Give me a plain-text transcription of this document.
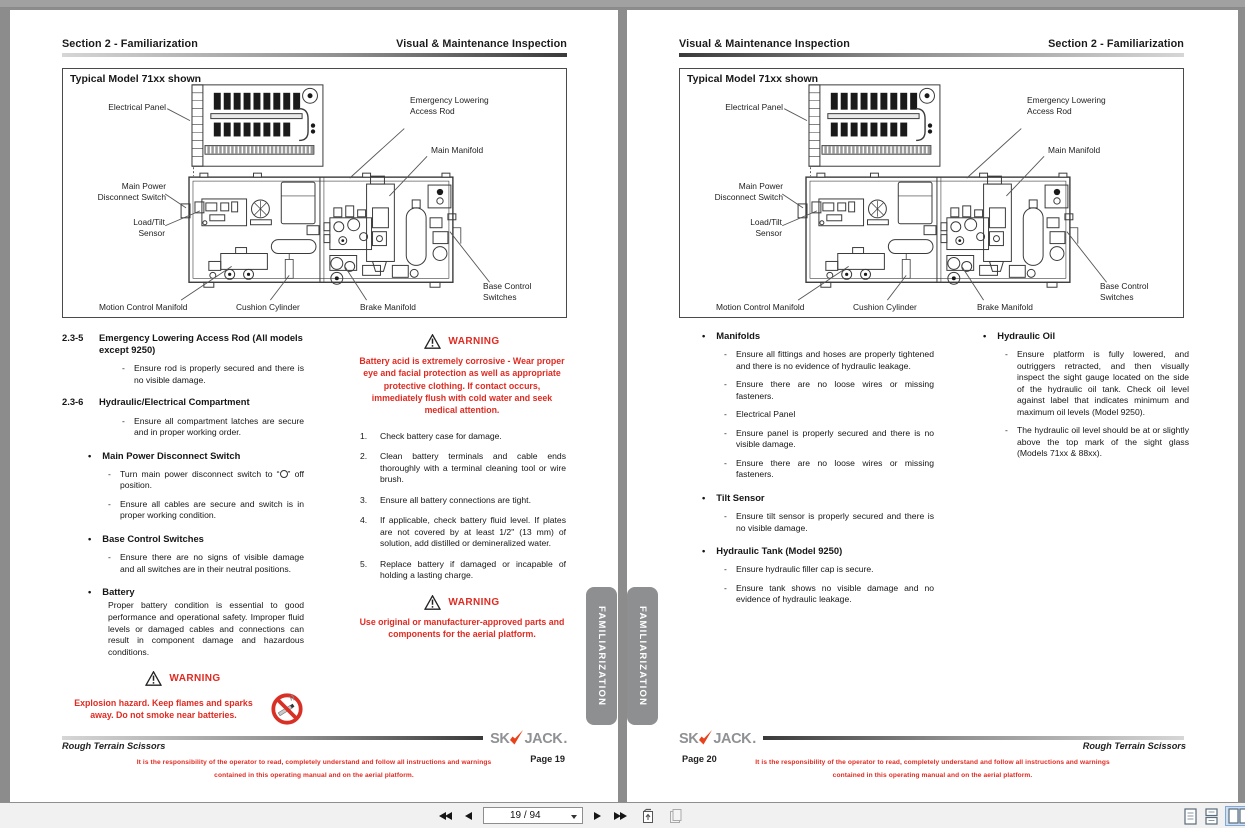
Section 2 - Familiarization	Visual & Maintenance Inspection
Typical Model 71xx shown
Electrical Panel
Emergency Lowering
Access Rod
Main Manifold
Main Power
Disconnect Switch
Load/Tilt
Sensor
Motion Control Manifold	Cushion Cylinder	Brake Manifold
Base Control
Switches
2.3-5	Emergency Lowering Access Rod (All models except 9250)
-	Ensure rod is properly secured and there is no visible damage.
2.3-6	Hydraulic/Electrical Compartment
-	Ensure all compartment latches are secure and in proper working order.
• Main Power Disconnect Switch
-	Turn main power disconnect switch to “ ” off position.
-	Ensure all cables are secure and switch is in proper working condition.
• Base Control Switches
-	Ensure there are no signs of visible damage and all switches are in their neutral positions.
• Battery
Proper battery condition is essential to good performance and operational safety. Improper fluid levels or damaged cables and connections can result in component damage and hazardous conditions.
WARNING
Explosion hazard. Keep flames and sparks away. Do not smoke near batteries.
WARNING
Battery acid is extremely corrosive - Wear proper eye and facial protection as well as appropriate protective clothing. If contact occurs, immediately flush with cold water and seek medical attention.
1.	Check battery case for damage.
2.	Clean battery terminals and cable ends thoroughly with a terminal cleaning tool or wire brush.
3.	Ensure all battery connections are tight.
4.	If applicable, check battery fluid level. If plates are not covered by at least 1/2" (13 mm) of solution, add distilled or demineralized water.
5.	Replace battery if damaged or incapable of holding a lasting charge.
WARNING
Use original or manufacturer-approved parts and components for the aerial platform.
SK JACK .
Rough Terrain Scissors
Page 19
It is the responsibility of the operator to read, completely understand and follow all instructions and warnings
contained in this operating manual and on the aerial platform.
Visual & Maintenance Inspection	Section 2 - Familiarization
Typical Model 71xx shown
Electrical Panel
Emergency Lowering
Access Rod
Main Manifold
Main Power
Disconnect Switch
Load/Tilt
Sensor
Motion Control Manifold	Cushion Cylinder	Brake Manifold
Base Control
Switches
• Manifolds
-	Ensure all fittings and hoses are properly tightened and there is no evidence of hydraulic leakage.
-	Ensure there are no loose wires or missing fasteners.
-	Electrical Panel
-	Ensure panel is properly secured and there is no visible damage.
-	Ensure there are no loose wires or missing fasteners.
• Tilt Sensor
-	Ensure tilt sensor is properly secured and there is no visible damage.
• Hydraulic Tank (Model 9250)
-	Ensure hydraulic filler cap is secure.
-	Ensure tank shows no visible damage and no evidence of hydraulic leakage.
• Hydraulic Oil
-	Ensure platform is fully lowered, and outriggers retracted, and then visually inspect the sight gauge located on the side of the hydraulic oil tank. Check oil level against label that indicates minimum and maximum oil levels (Model 9250).
-	The hydraulic oil level should be at or slightly above the top mark of the sight glass (Models 71xx & 88xx).
SK JACK .	Rough Terrain Scissors
Page 20	It is the responsibility of the operator to read, completely understand and follow all instructions and warnings
contained in this operating manual and on the aerial platform.
FAMILIARIZATION	FAMILIARIZATION
19 / 94
